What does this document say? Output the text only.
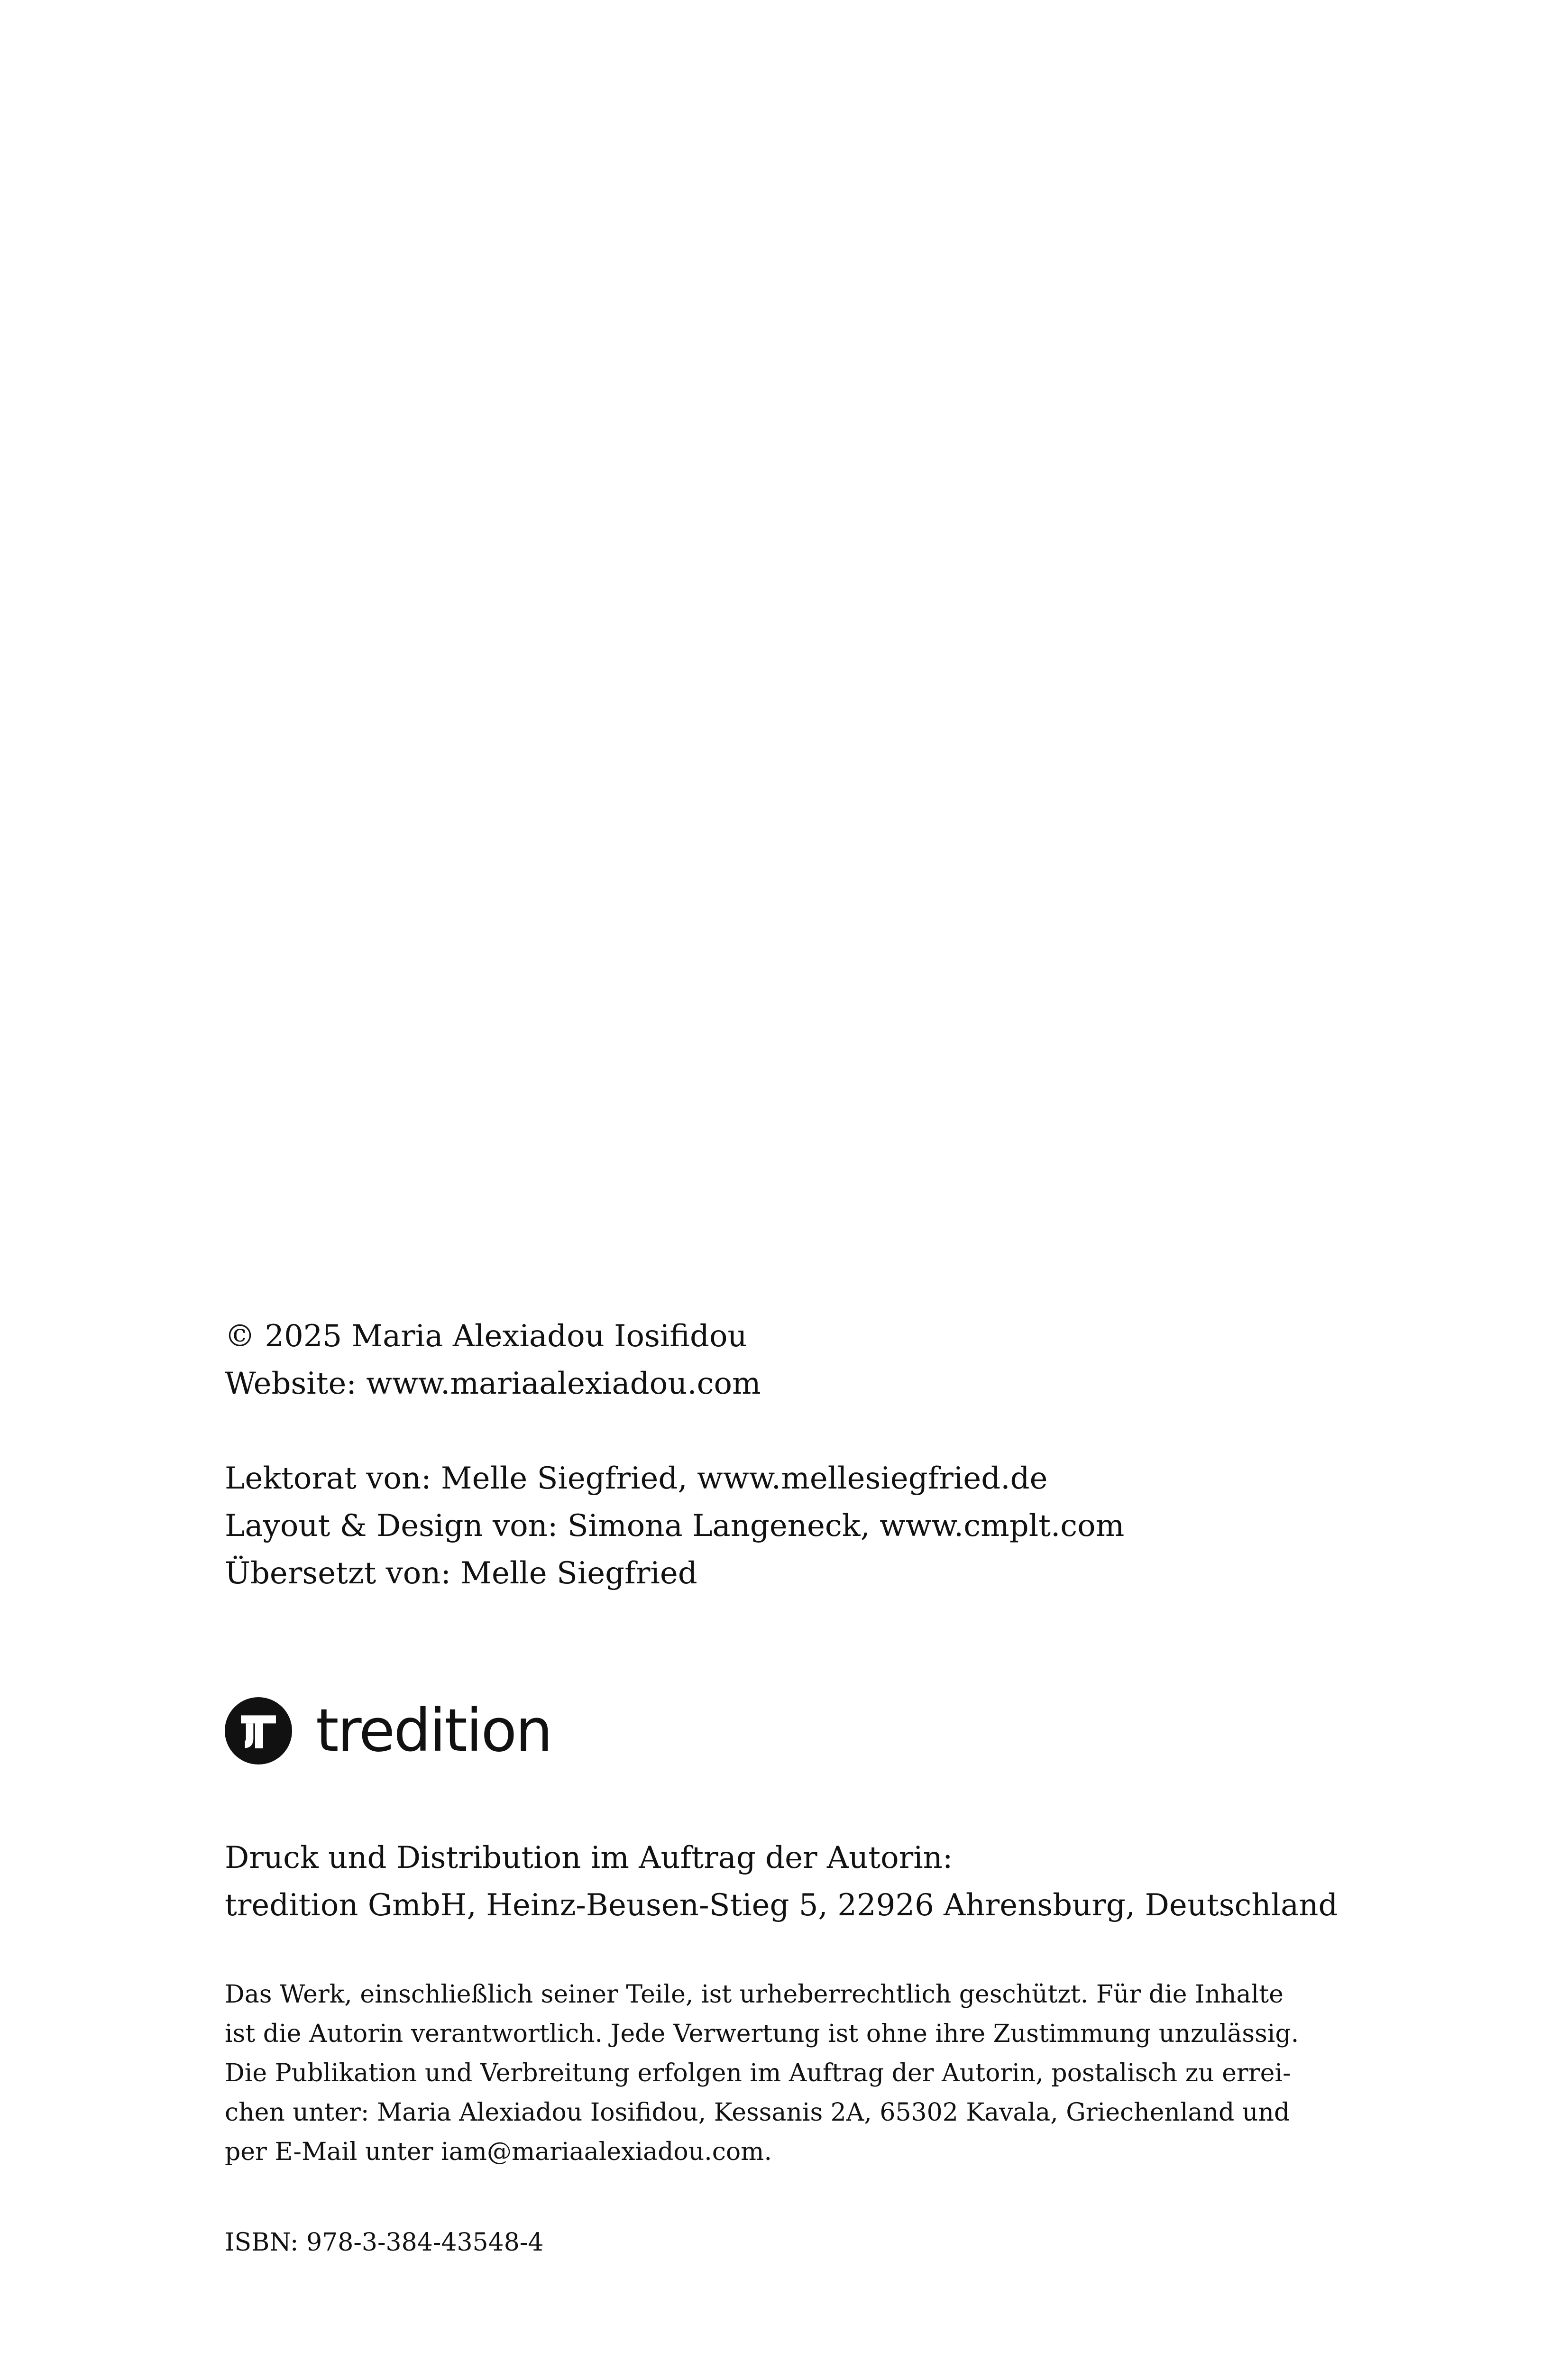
© 2025 Maria Alexiadou Iosifidou
Website: www.mariaalexiadou.com
Lektorat von: Melle Siegfried, www.mellesiegfried.de
Layout & Design von: Simona Langeneck, www.cmplt.com
Übersetzt von: Melle Siegfried
tredition
Druck und Distribution im Auftrag der Autorin:
tredition GmbH, Heinz-Beusen-Stieg 5, 22926 Ahrensburg, Deutschland
Das Werk, einschließlich seiner Teile, ist urheberrechtlich geschützt. Für die Inhalte
ist die Autorin verantwortlich. Jede Verwertung ist ohne ihre Zustimmung unzulässig.
Die Publikation und Verbreitung erfolgen im Auftrag der Autorin, postalisch zu errei-
chen unter: Maria Alexiadou Iosifidou, Kessanis 2A, 65302 Kavala, Griechenland und
per E-Mail unter iam@mariaalexiadou.com.
ISBN: 978-3-384-43548-4
